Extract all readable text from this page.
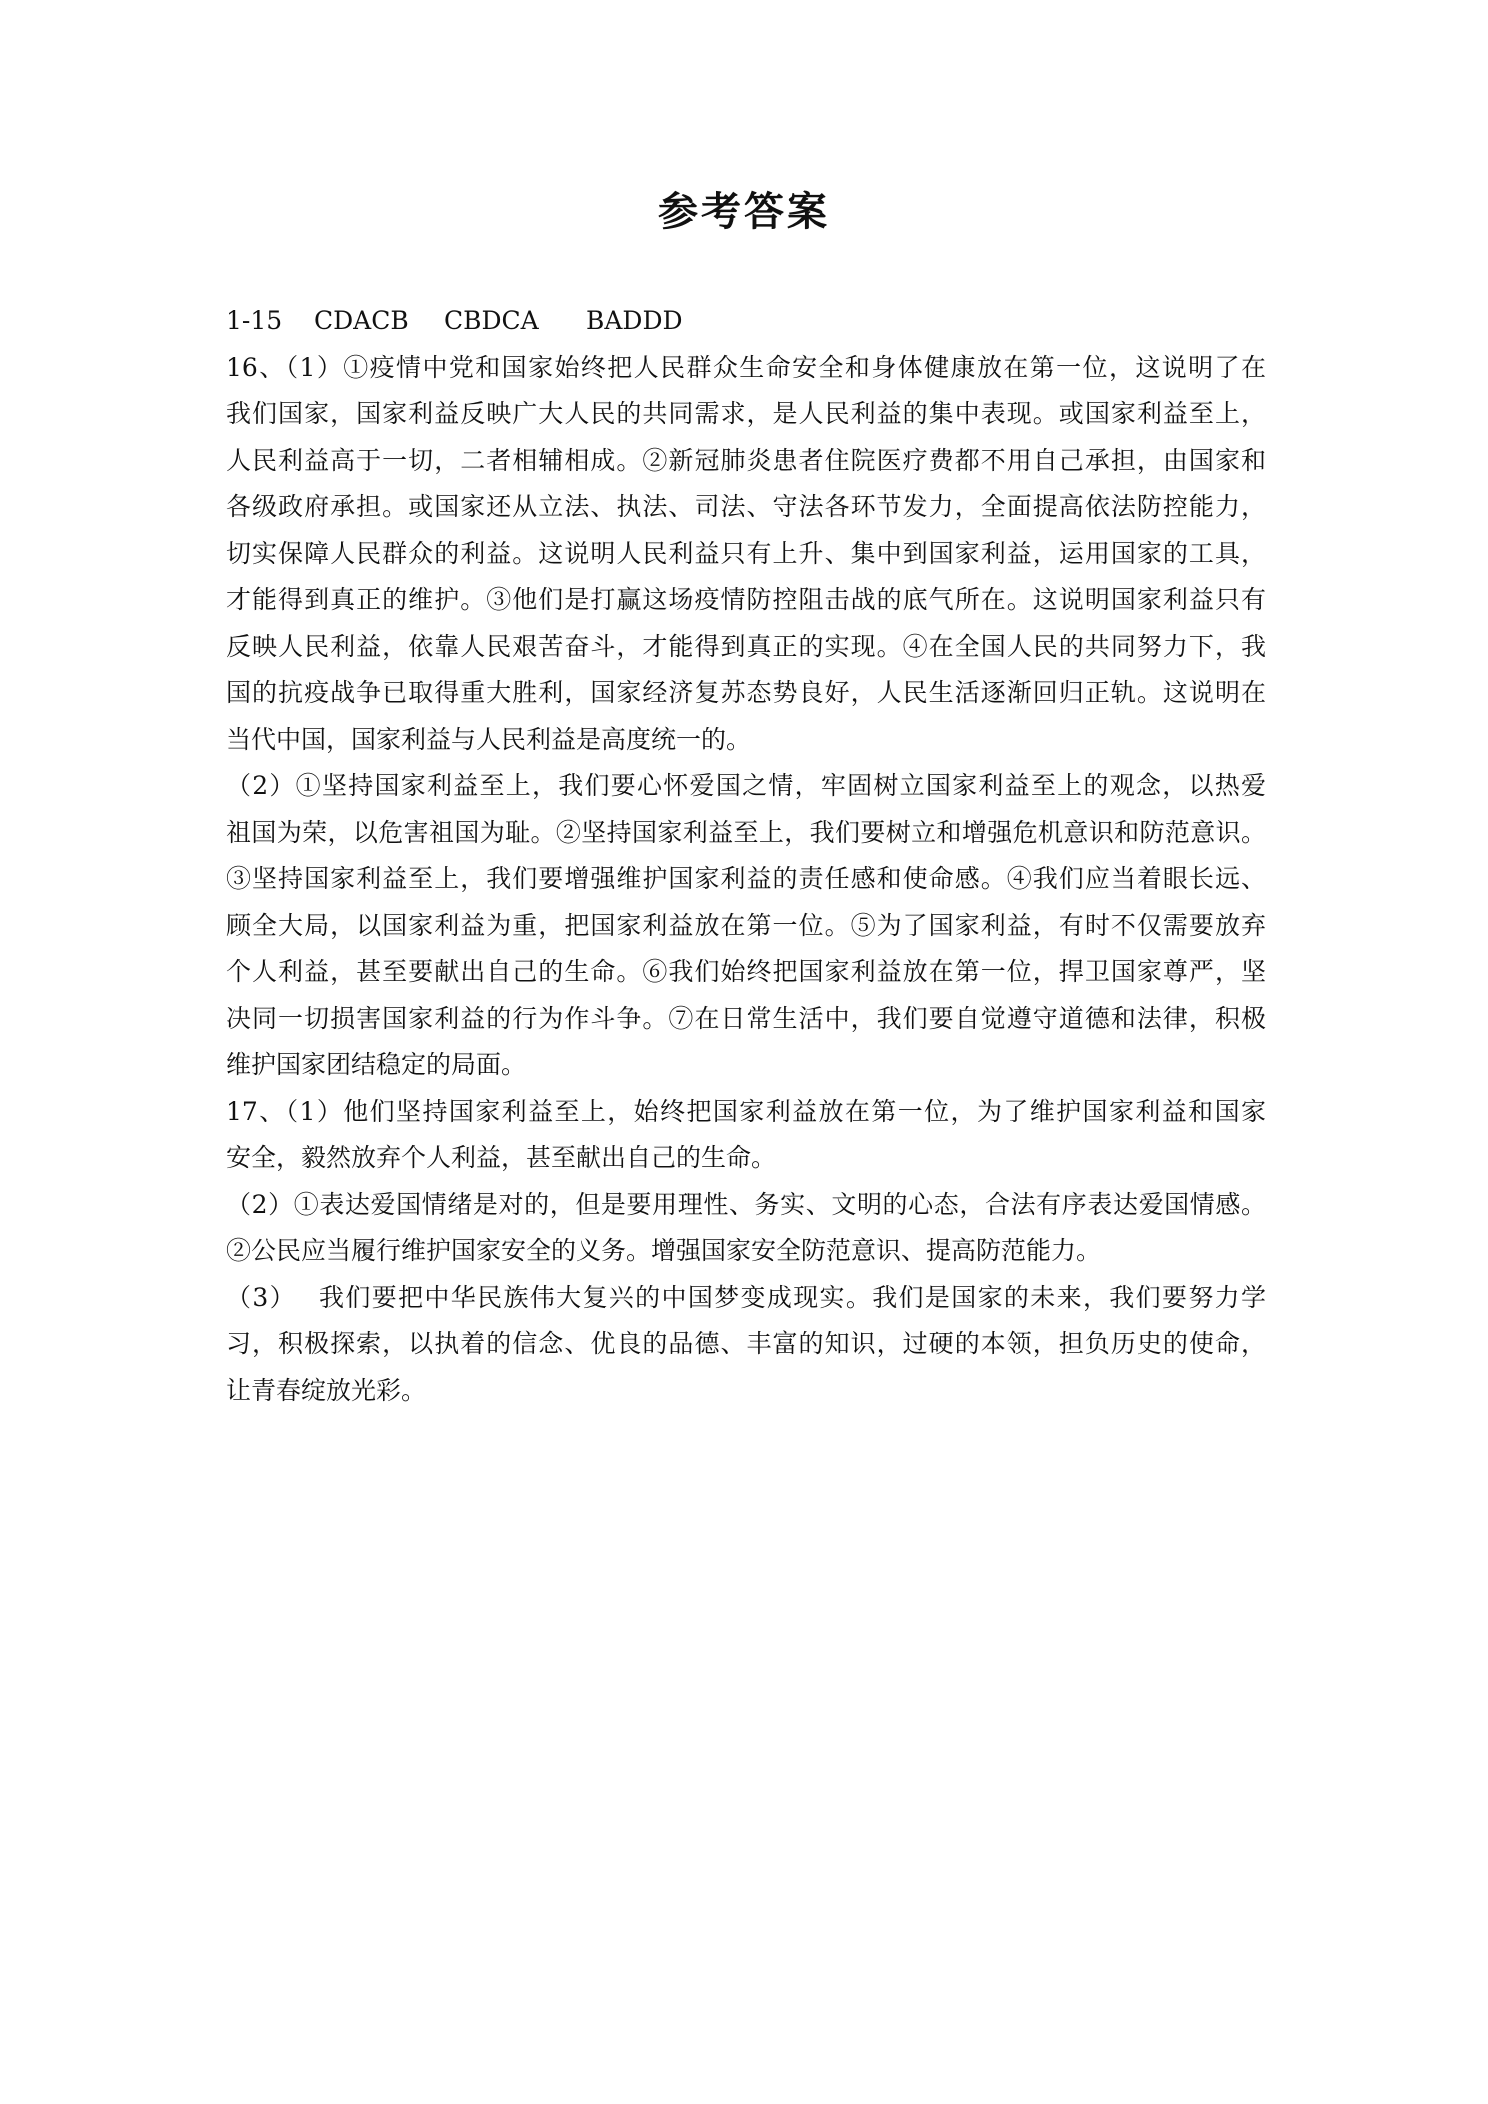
参考答案
1-15	CDACB	CBDCA	BADDD

16、（1）①疫情中党和国家始终把人民群众生命安全和身体健康放在第一位，这说明了在

我们国家，国家利益反映广大人民的共同需求，是人民利益的集中表现。或国家利益至上，

人民利益高于一切，二者相辅相成。②新冠肺炎患者住院医疗费都不用自己承担，由国家和

各级政府承担。或国家还从立法、执法、司法、守法各环节发力，全面提高依法防控能力，

切实保障人民群众的利益。这说明人民利益只有上升、集中到国家利益，运用国家的工具，

才能得到真正的维护。③他们是打赢这场疫情防控阻击战的底气所在。这说明国家利益只有

反映人民利益，依靠人民艰苦奋斗，才能得到真正的实现。④在全国人民的共同努力下，我

国的抗疫战争已取得重大胜利，国家经济复苏态势良好，人民生活逐渐回归正轨。这说明在

当代中国，国家利益与人民利益是高度统一的。

（2）①坚持国家利益至上，我们要心怀爱国之情，牢固树立国家利益至上的观念，以热爱

祖国为荣，以危害祖国为耻。②坚持国家利益至上，我们要树立和增强危机意识和防范意识。

③坚持国家利益至上，我们要增强维护国家利益的责任感和使命感。④我们应当着眼长远、

顾全大局，以国家利益为重，把国家利益放在第一位。⑤为了国家利益，有时不仅需要放弃

个人利益，甚至要献出自己的生命。⑥我们始终把国家利益放在第一位，捍卫国家尊严，坚

决同一切损害国家利益的行为作斗争。⑦在日常生活中，我们要自觉遵守道德和法律，积极

维护国家团结稳定的局面。

17、（1）他们坚持国家利益至上，始终把国家利益放在第一位，为了维护国家利益和国家

安全，毅然放弃个人利益，甚至献出自己的生命。

（2）①表达爱国情绪是对的，但是要用理性、务实、文明的心态，合法有序表达爱国情感。

②公民应当履行维护国家安全的义务。增强国家安全防范意识、提高防范能力。

（3）　 我们要把中华民族伟大复兴的中国梦变成现实。我们是国家的未来，我们要努力学

习，积极探索，以执着的信念、优良的品德、丰富的知识，过硬的本领，担负历史的使命，

让青春绽放光彩。
